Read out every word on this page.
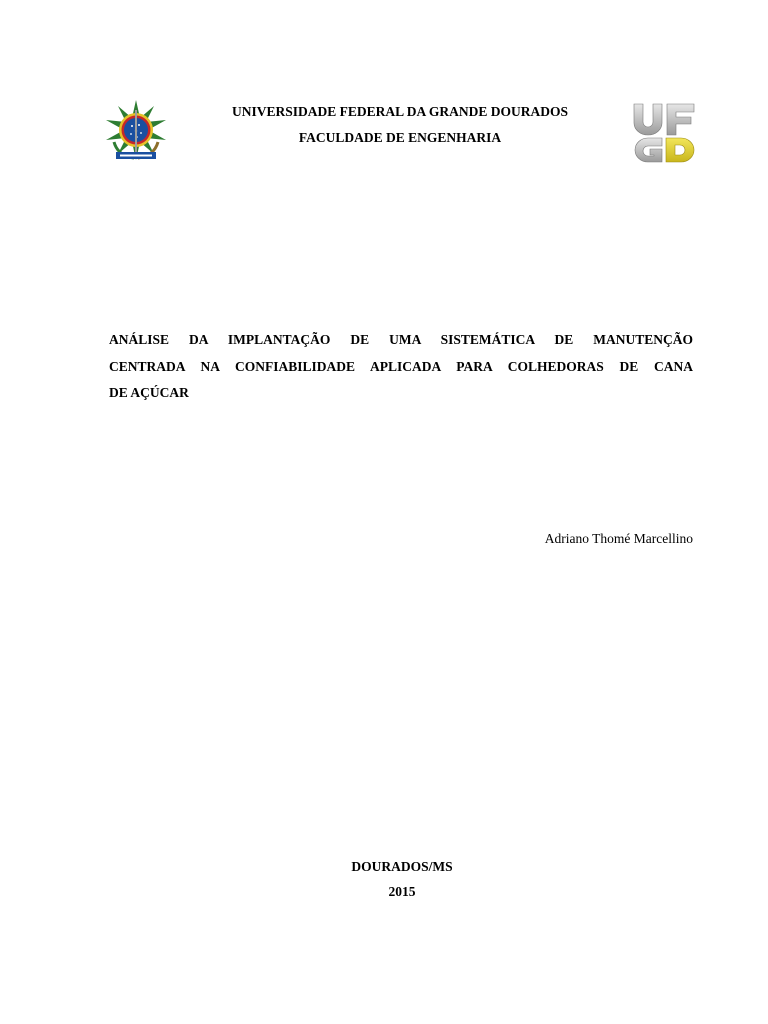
UNIVERSIDADE FEDERAL DA GRANDE DOURADOS
FACULDADE DE ENGENHARIA
ANÁLISE DA IMPLANTAÇÃO DE UMA SISTEMÁTICA DE MANUTENÇÃO
CENTRADA NA CONFIABILIDADE APLICADA PARA COLHEDORAS DE CANA
DE AÇÚCAR
Adriano Thomé Marcellino
DOURADOS/MS
2015
